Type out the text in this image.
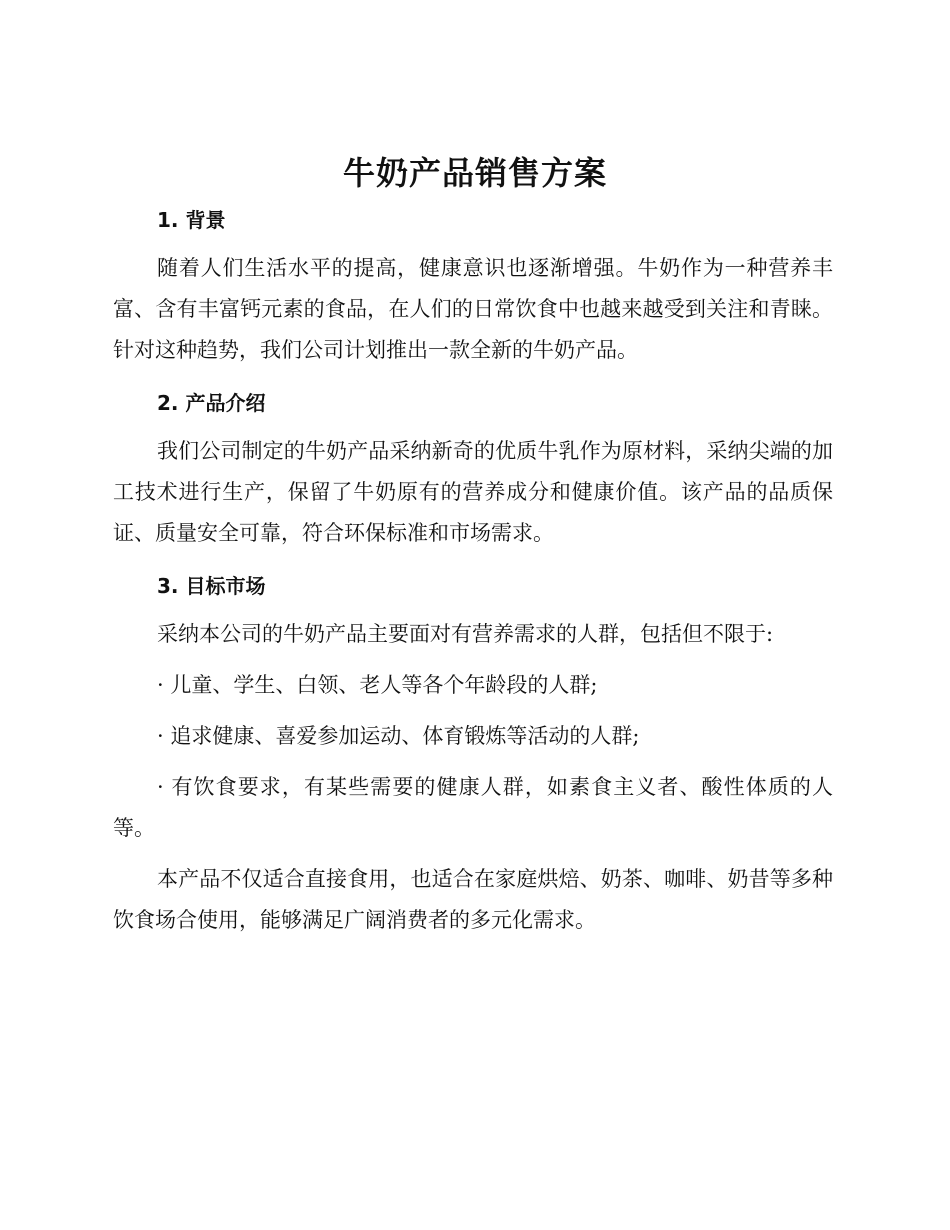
牛奶产品销售方案
1. 背景

随着人们生活水平的提高，健康意识也逐渐增强。牛奶作为一种营养丰富、含有丰富钙元素的食品，在人们的日常饮食中也越来越受到关注和青睐。针对这种趋势，我们公司计划推出一款全新的牛奶产品。

2. 产品介绍

我们公司制定的牛奶产品采纳新奇的优质牛乳作为原材料，采纳尖端的加工技术进行生产，保留了牛奶原有的营养成分和健康价值。该产品的品质保证、质量安全可靠，符合环保标准和市场需求。

3. 目标市场

采纳本公司的牛奶产品主要面对有营养需求的人群，包括但不限于:

· 儿童、学生、白领、老人等各个年龄段的人群;

· 追求健康、喜爱参加运动、体育锻炼等活动的人群;

· 有饮食要求，有某些需要的健康人群，如素食主义者、酸性体质的人等。

本产品不仅适合直接食用，也适合在家庭烘焙、奶茶、咖啡、奶昔等多种饮食场合使用，能够满足广阔消费者的多元化需求。
